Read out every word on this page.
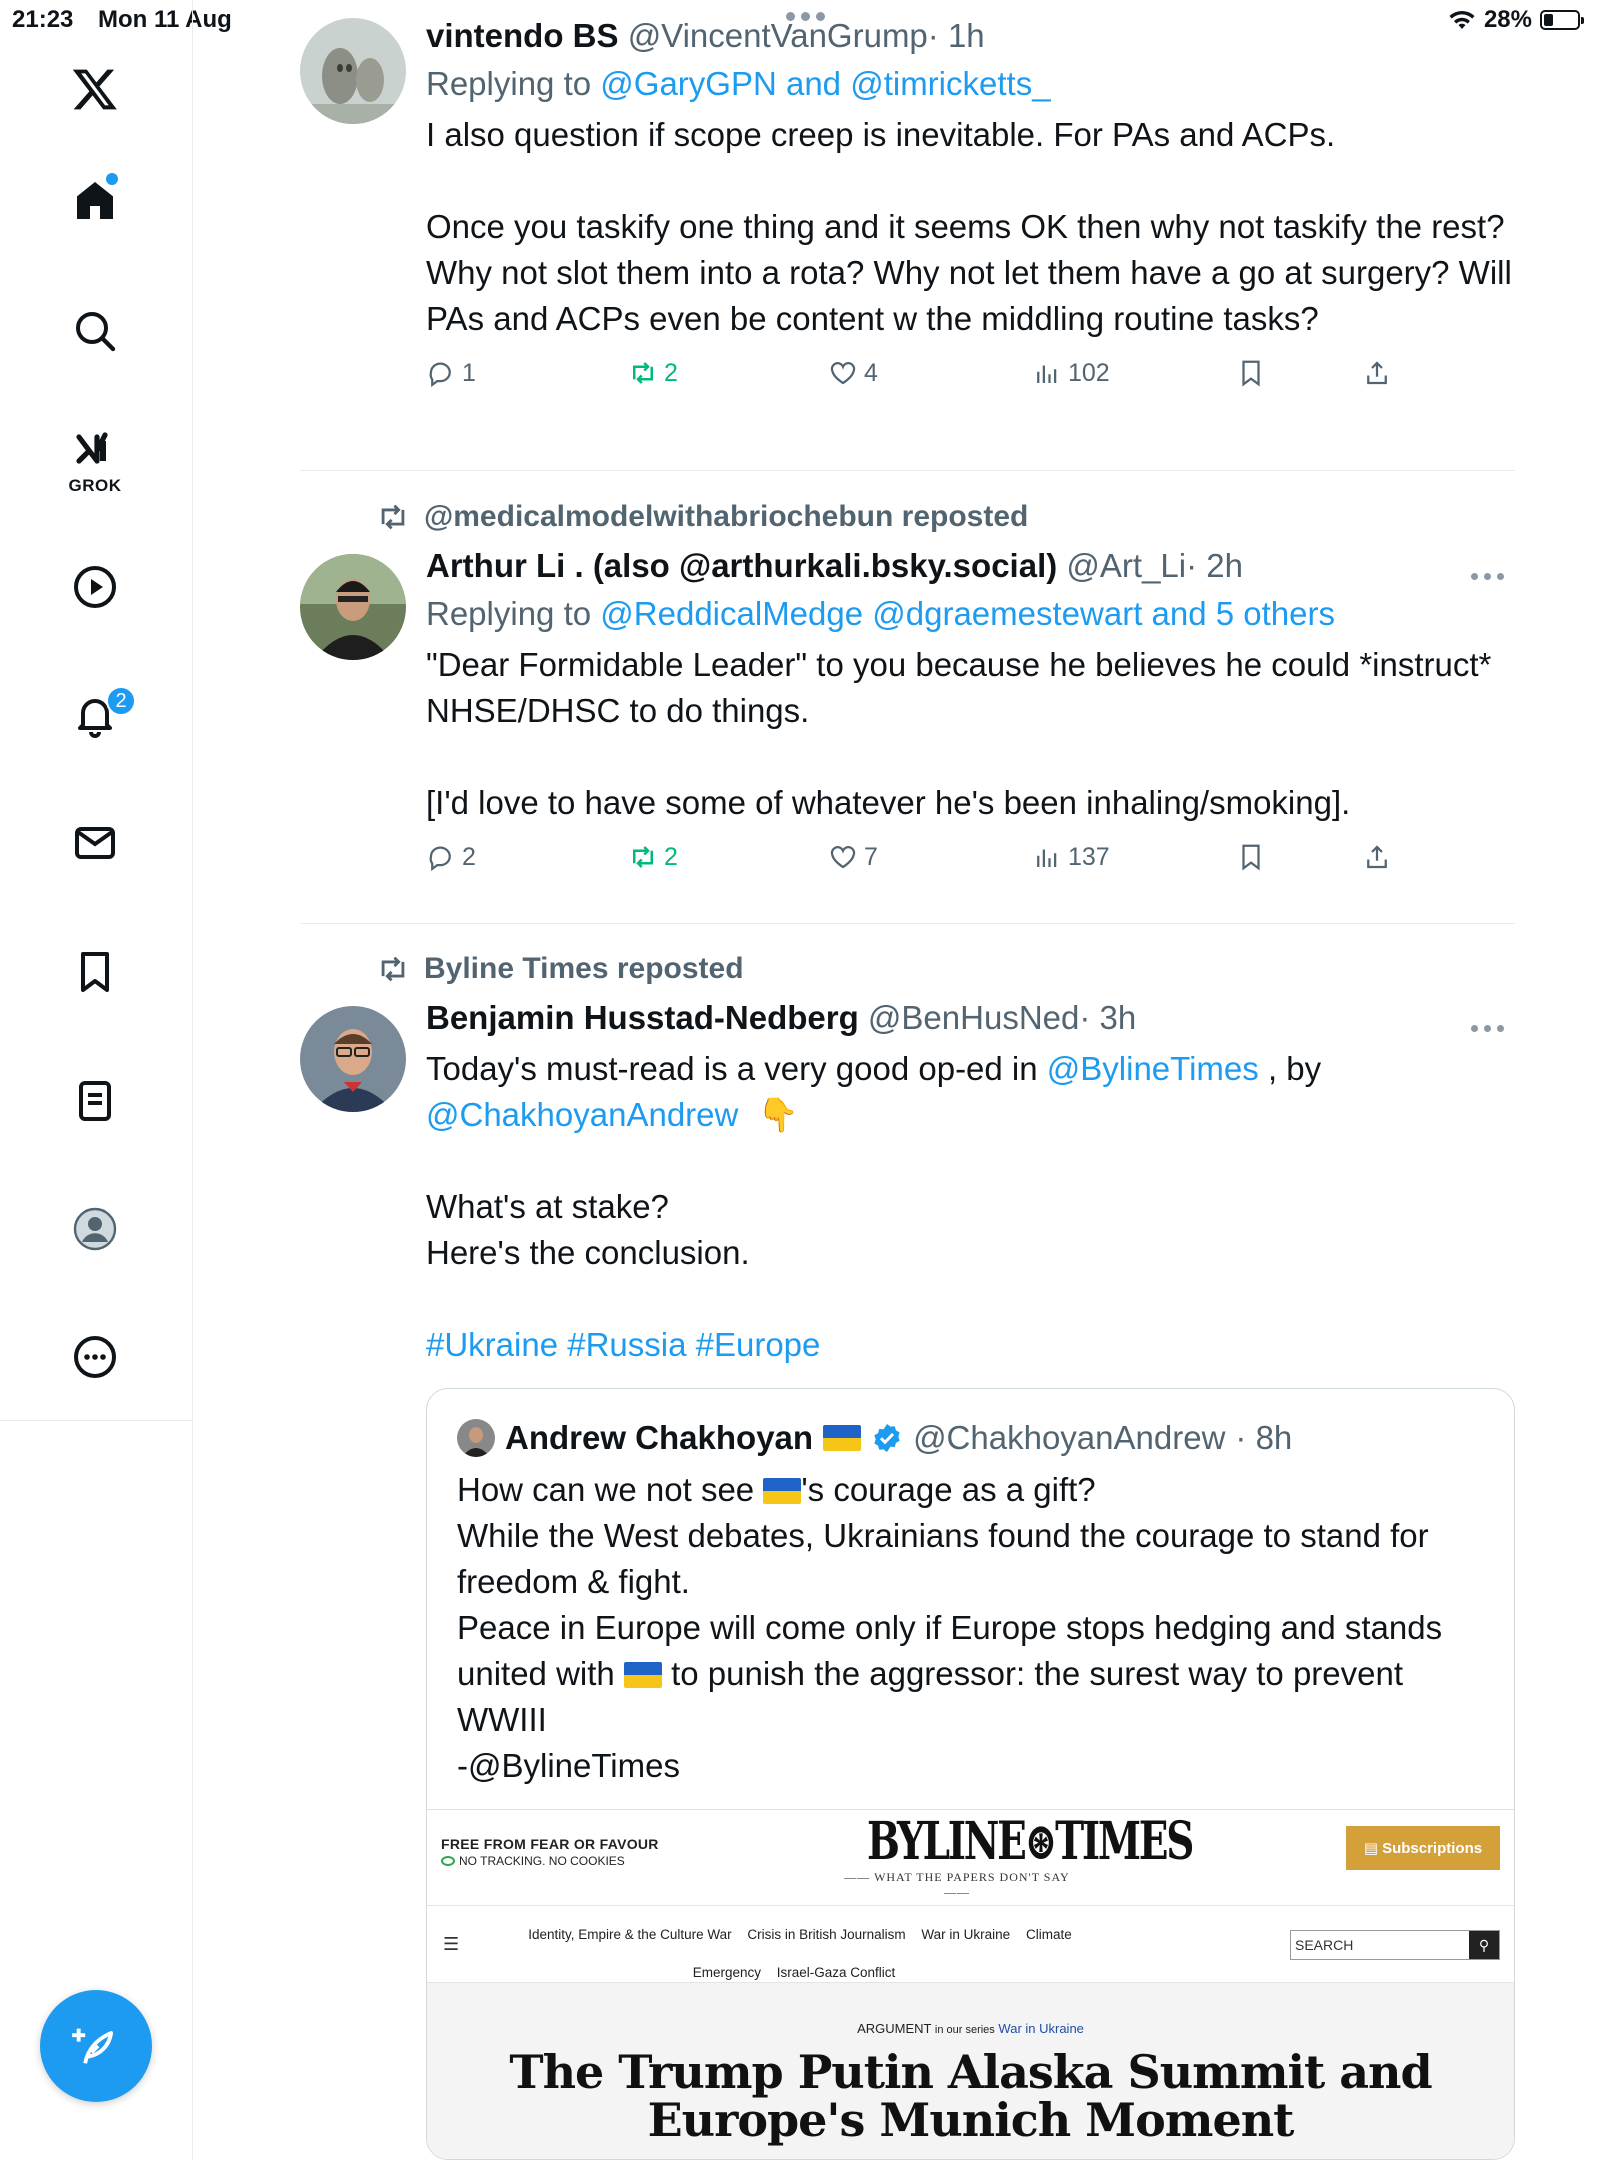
21:23 Mon 11 Aug	28%
GROK
2
vintendo BS @VincentVanGrump· 1h
Replying to @GaryGPN and @timricketts_

I also question if scope creep is inevitable. For PAs and ACPs.

Once you taskify one thing and it seems OK then why not taskify the rest? Why not slot them into a rota? Why not let them have a go at surgery? Will PAs and ACPs even be content w the middling routine tasks?

1	2	4	102
@medicalmodelwithabriochebun reposted
Arthur Li . (also @arthurkali.bsky.social) @Art_Li· 2h
Replying to @ReddicalMedge @dgraemestewart and 5 others

"Dear Formidable Leader" to you because he believes he could *instruct* NHSE/DHSC to do things.

[I'd love to have some of whatever he's been inhaling/smoking].

2	2	7	137
Byline Times reposted
Benjamin Husstad-Nedberg @BenHusNed· 3h

Today's must-read is a very good op-ed in @BylineTimes , by

@ChakhoyanAndrew 👇

What's at stake?

Here's the conclusion.

#Ukraine #Russia #Europe

Andrew Chakhoyan	@ChakhoyanAndrew · 8h

How can we not see
's courage as a gift?

While the West debates, Ukrainians found the courage to stand for freedom & fight.

Peace in Europe will come only if Europe stops hedging and stands united with
to punish the aggressor: the surest way to prevent WWIII

-@BylineTimes

FREE FROM FEAR OR FAVOUR
NO TRACKING. NO COOKIES	BYLINE⊛TIMES
—— WHAT THE PAPERS DON'T SAY ——
▤ Subscriptions
☰	Identity, Empire & the Culture War Crisis in British Journalism War in Ukraine Climate Emergency Israel-Gaza Conflict

SEARCH	⚲
ARGUMENT in our series War in Ukraine
The Trump Putin Alaska Summit and
Europe's Munich Moment
